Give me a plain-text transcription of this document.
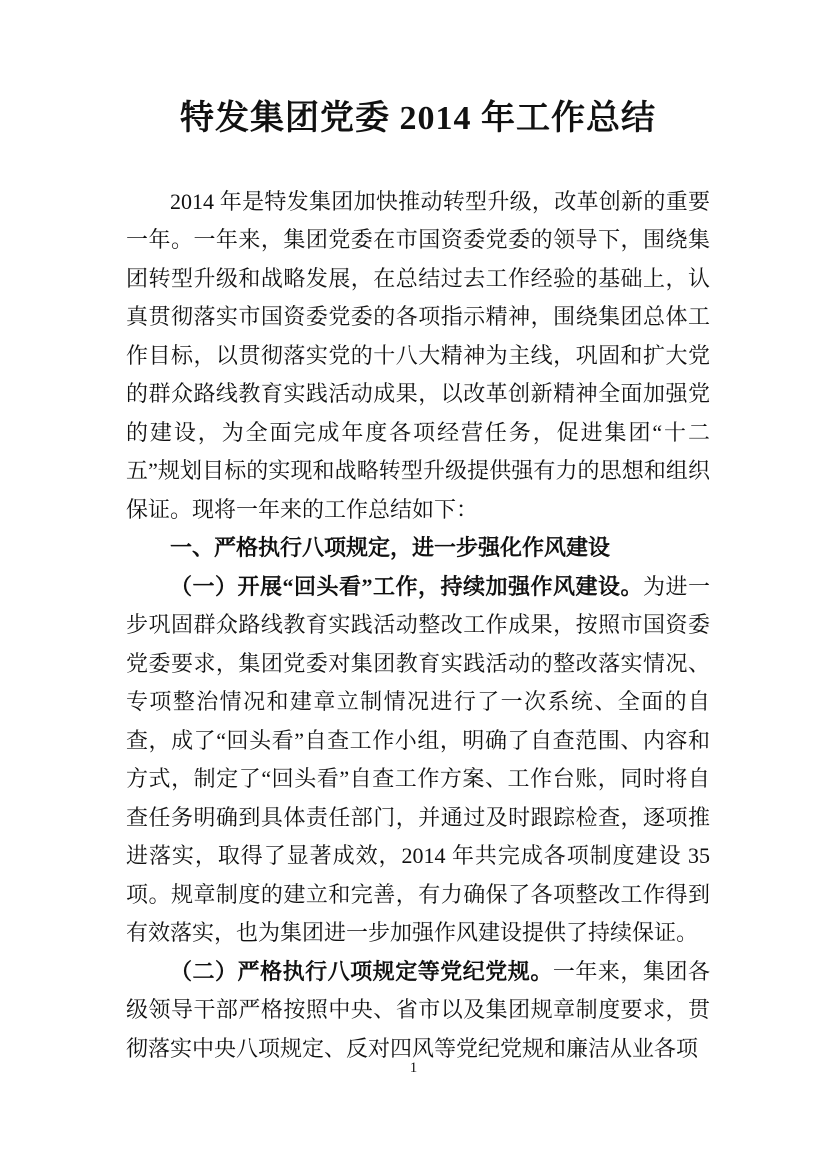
特发集团党委 2014 年工作总结

2014 年是特发集团加快推动转型升级，改革创新的重要一年。一年来，集团党委在市国资委党委的领导下，围绕集团转型升级和战略发展，在总结过去工作经验的基础上，认真贯彻落实市国资委党委的各项指示精神，围绕集团总体工作目标，以贯彻落实党的十八大精神为主线，巩固和扩大党的群众路线教育实践活动成果，以改革创新精神全面加强党的建设，为全面完成年度各项经营任务，促进集团“十二五”规划目标的实现和战略转型升级提供强有力的思想和组织保证。现将一年来的工作总结如下：

一、严格执行八项规定，进一步强化作风建设

（一）开展“回头看”工作，持续加强作风建设。为进一步巩固群众路线教育实践活动整改工作成果，按照市国资委党委要求，集团党委对集团教育实践活动的整改落实情况、专项整治情况和建章立制情况进行了一次系统、全面的自查，成了“回头看”自查工作小组，明确了自查范围、内容和方式，制定了“回头看”自查工作方案、工作台账，同时将自查任务明确到具体责任部门，并通过及时跟踪检查，逐项推进落实，取得了显著成效，2014 年共完成各项制度建设 35 项。规章制度的建立和完善，有力确保了各项整改工作得到有效落实，也为集团进一步加强作风建设提供了持续保证。

（二）严格执行八项规定等党纪党规。一年来，集团各级领导干部严格按照中央、省市以及集团规章制度要求，贯彻落实中央八项规定、反对四风等党纪党规和廉洁从业各项

1
